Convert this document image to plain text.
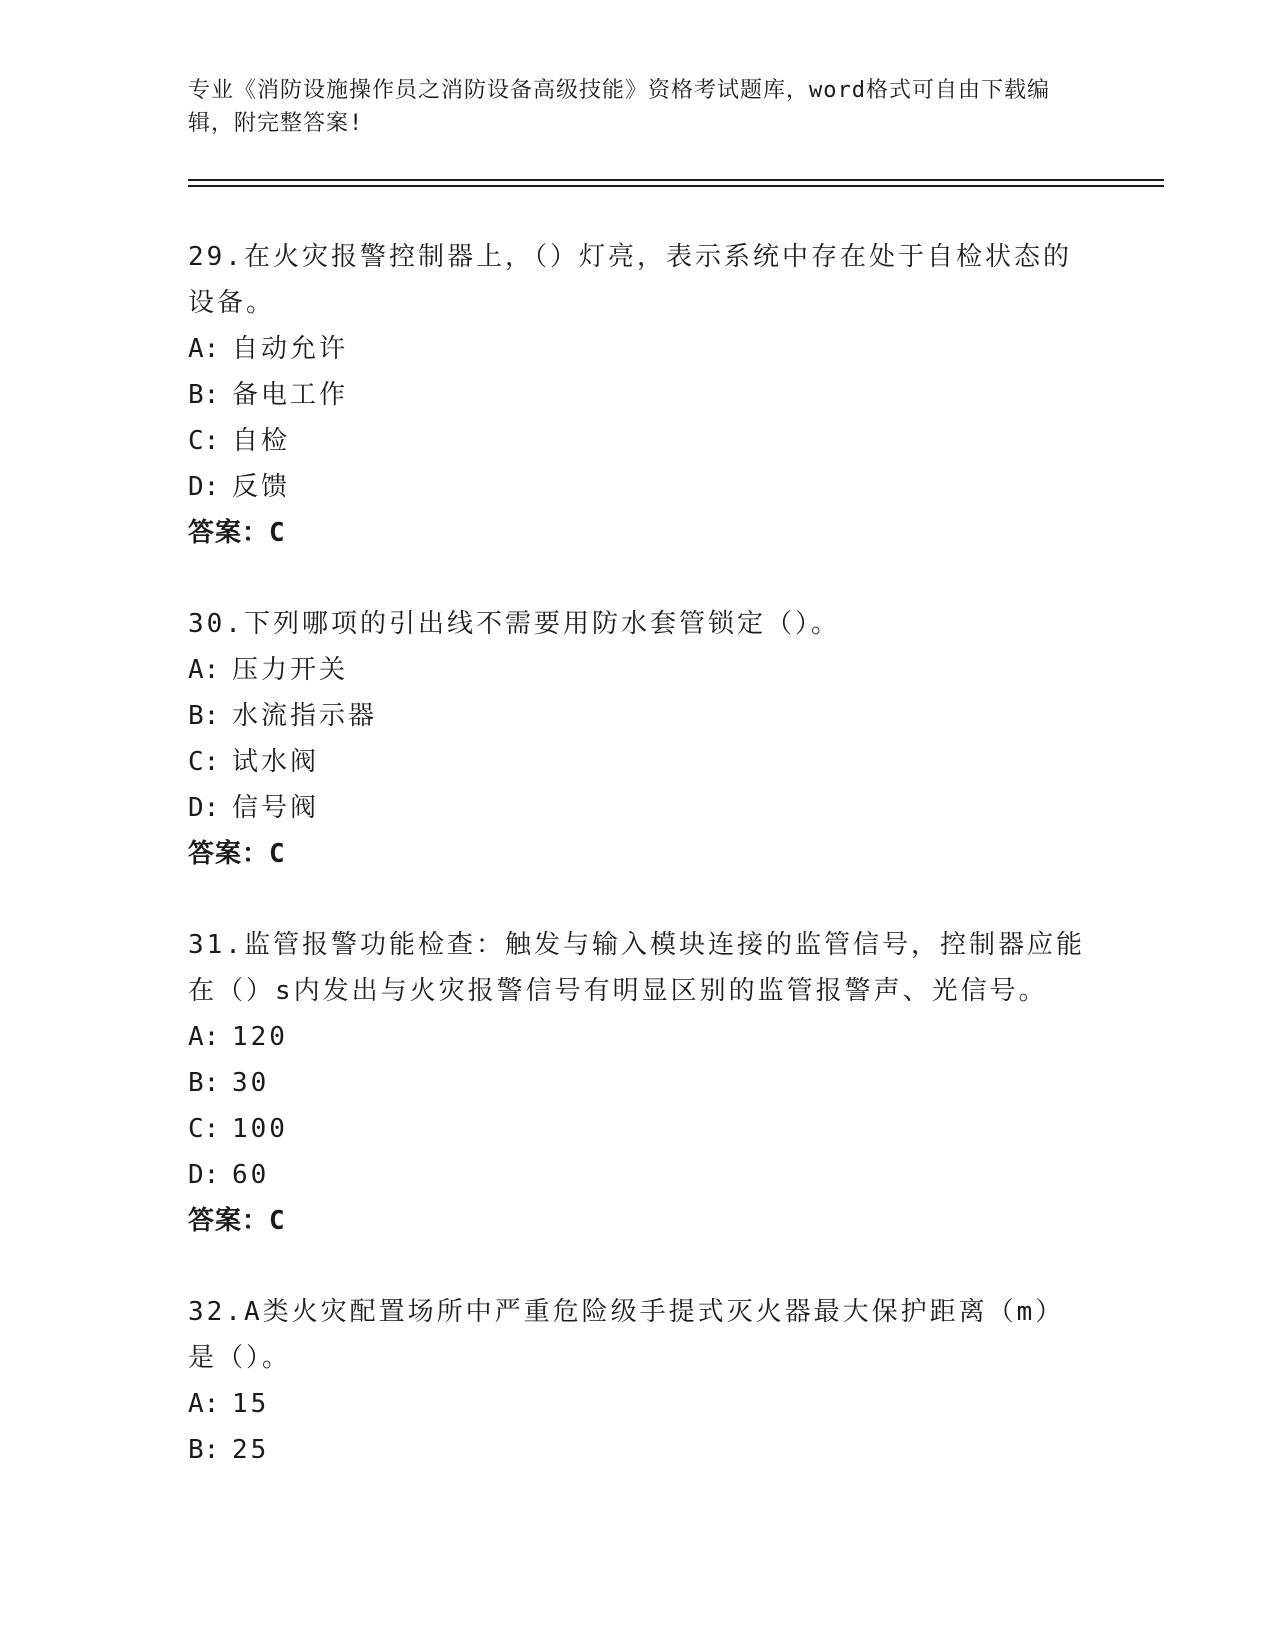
专业《消防设施操作员之消防设备高级技能》资格考试题库，word格式可自由下载编辑，附完整答案!
29.在火灾报警控制器上，（）灯亮，表示系统中存在处于自检状态的设备。
A: 自动允许
B: 备电工作
C: 自检
D: 反馈
答案：C
30.下列哪项的引出线不需要用防水套管锁定（）。
A: 压力开关
B: 水流指示器
C: 试水阀
D: 信号阀
答案：C
31.监管报警功能检查：触发与输入模块连接的监管信号，控制器应能在（）s内发出与火灾报警信号有明显区别的监管报警声、光信号。
A: 120
B: 30
C: 100
D: 60
答案：C
32.A类火灾配置场所中严重危险级手提式灭火器最大保护距离（m）是（）。
A: 15
B: 25
